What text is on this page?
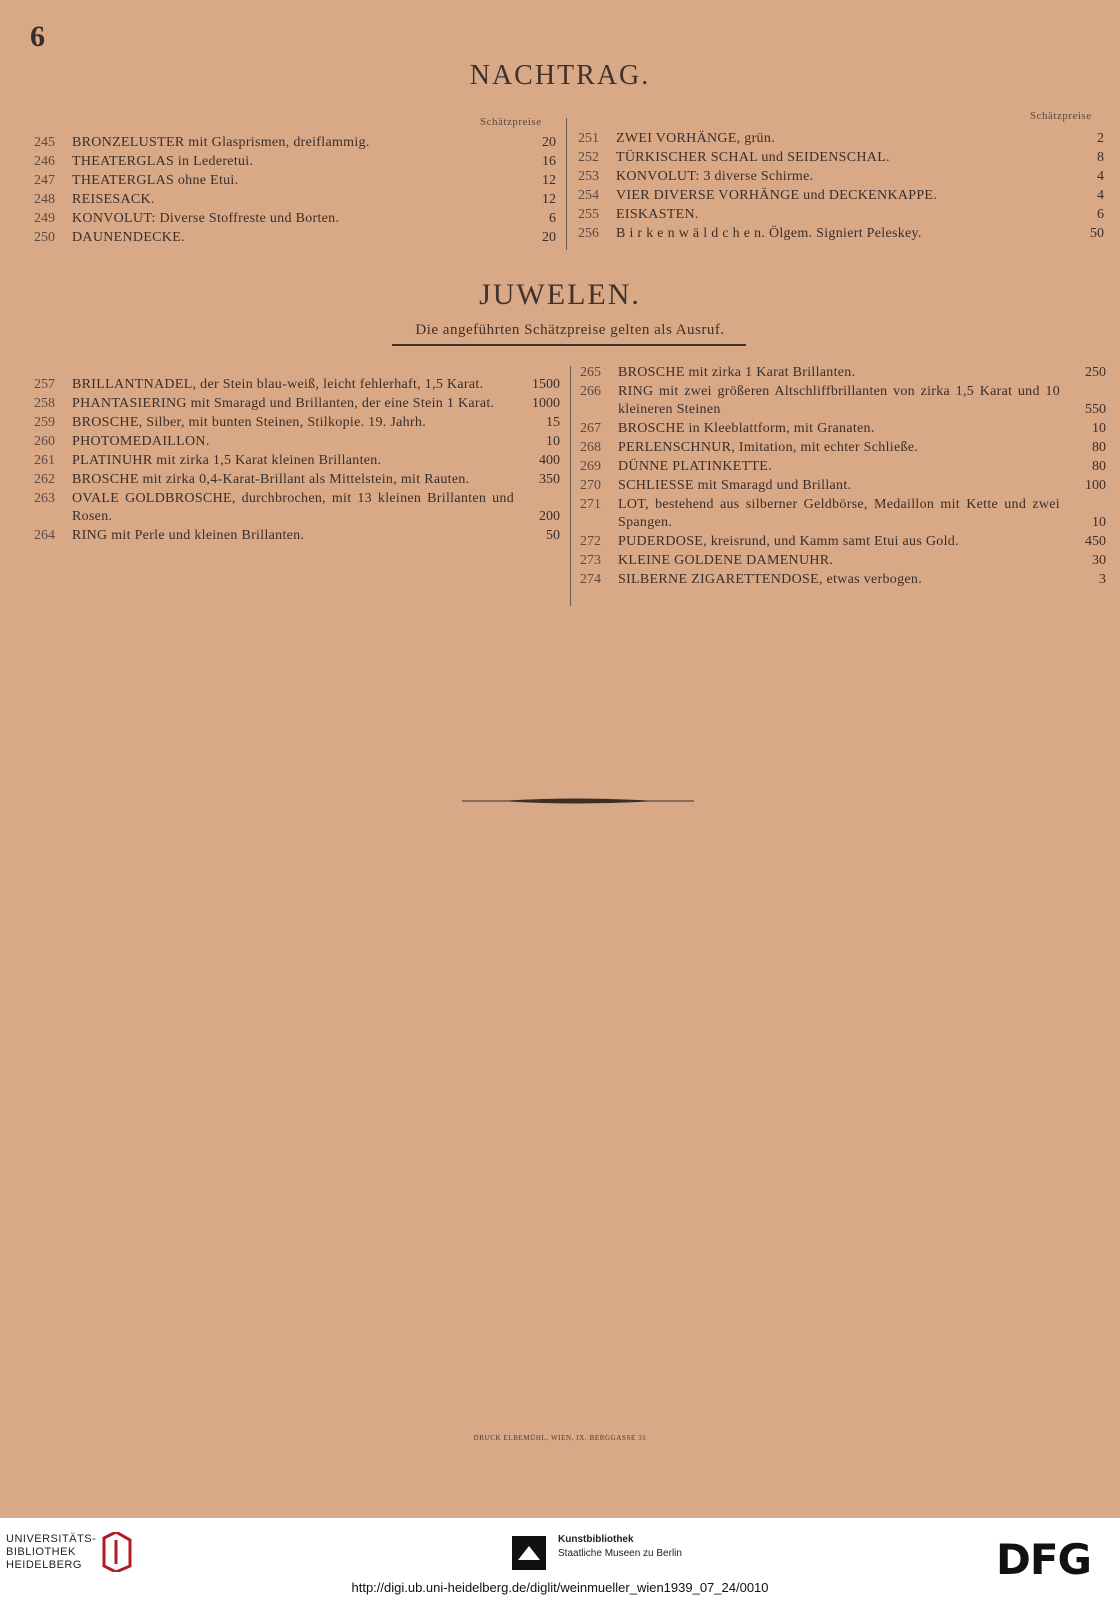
6
NACHTRAG.
Schätzpreise	Schätzpreise
245 BRONZELUSTER mit Glasprismen, dreiflammig.	20
246 THEATERGLAS in Lederetui.	16
247 THEATERGLAS ohne Etui.	12
248 REISESACK.	12
249 KONVOLUT: Diverse Stoffreste und Borten.	6
250 DAUNENDECKE.	20
251 ZWEI VORHÄNGE, grün.	2
252 TÜRKISCHER SCHAL und SEIDENSCHAL.	8
253 KONVOLUT: 3 diverse Schirme.	4
254 VIER DIVERSE VORHÄNGE und DECKENKAPPE.	4
255 EISKASTEN.	6
256 B i r k e n w ä l d c h e n. Ölgem. Signiert Peleskey.	50
JUWELEN.
Die angeführten Schätzpreise gelten als Ausruf.
257 BRILLANTNADEL, der Stein blau-weiß, leicht fehlerhaft, 1,5 Karat.	1500
258 PHANTASIERING mit Smaragd und Brillanten, der eine Stein 1 Karat.	1000
259 BROSCHE, Silber, mit bunten Steinen, Stilkopie. 19. Jahrh.	15
260 PHOTOMEDAILLON.	10
261 PLATINUHR mit zirka 1,5 Karat kleinen Brillanten.	400
262 BROSCHE mit zirka 0,4-Karat-Brillant als Mittelstein, mit Rauten.	350
263 OVALE GOLDBROSCHE, durchbrochen, mit 13 kleinen Brillanten und Rosen.	200
264 RING mit Perle und kleinen Brillanten.	50
265 BROSCHE mit zirka 1 Karat Brillanten.	250
266 RING mit zwei größeren Altschliffbrillanten von zirka 1,5 Karat und 10 kleineren Steinen	550
267 BROSCHE in Kleeblattform, mit Granaten.	10
268 PERLENSCHNUR, Imitation, mit echter Schließe.	80
269 DÜNNE PLATINKETTE.	80
270 SCHLIESSE mit Smaragd und Brillant.	100
271 LOT, bestehend aus silberner Geldbörse, Medaillon mit Kette und zwei Spangen.	10
272 PUDERDOSE, kreisrund, und Kamm samt Etui aus Gold.	450
273 KLEINE GOLDENE DAMENUHR.	30
274 SILBERNE ZIGARETTENDOSE, etwas verbogen.	3
DRUCK ELBEMÜHL, WIEN, IX. BERGGASSE 31
UNIVERSITÄTS-
BIBLIOTHEK
HEIDELBERG
Kunstbibliothek
Staatliche Museen zu Berlin	DFG
http://digi.ub.uni-heidelberg.de/diglit/weinmueller_wien1939_07_24/0010
